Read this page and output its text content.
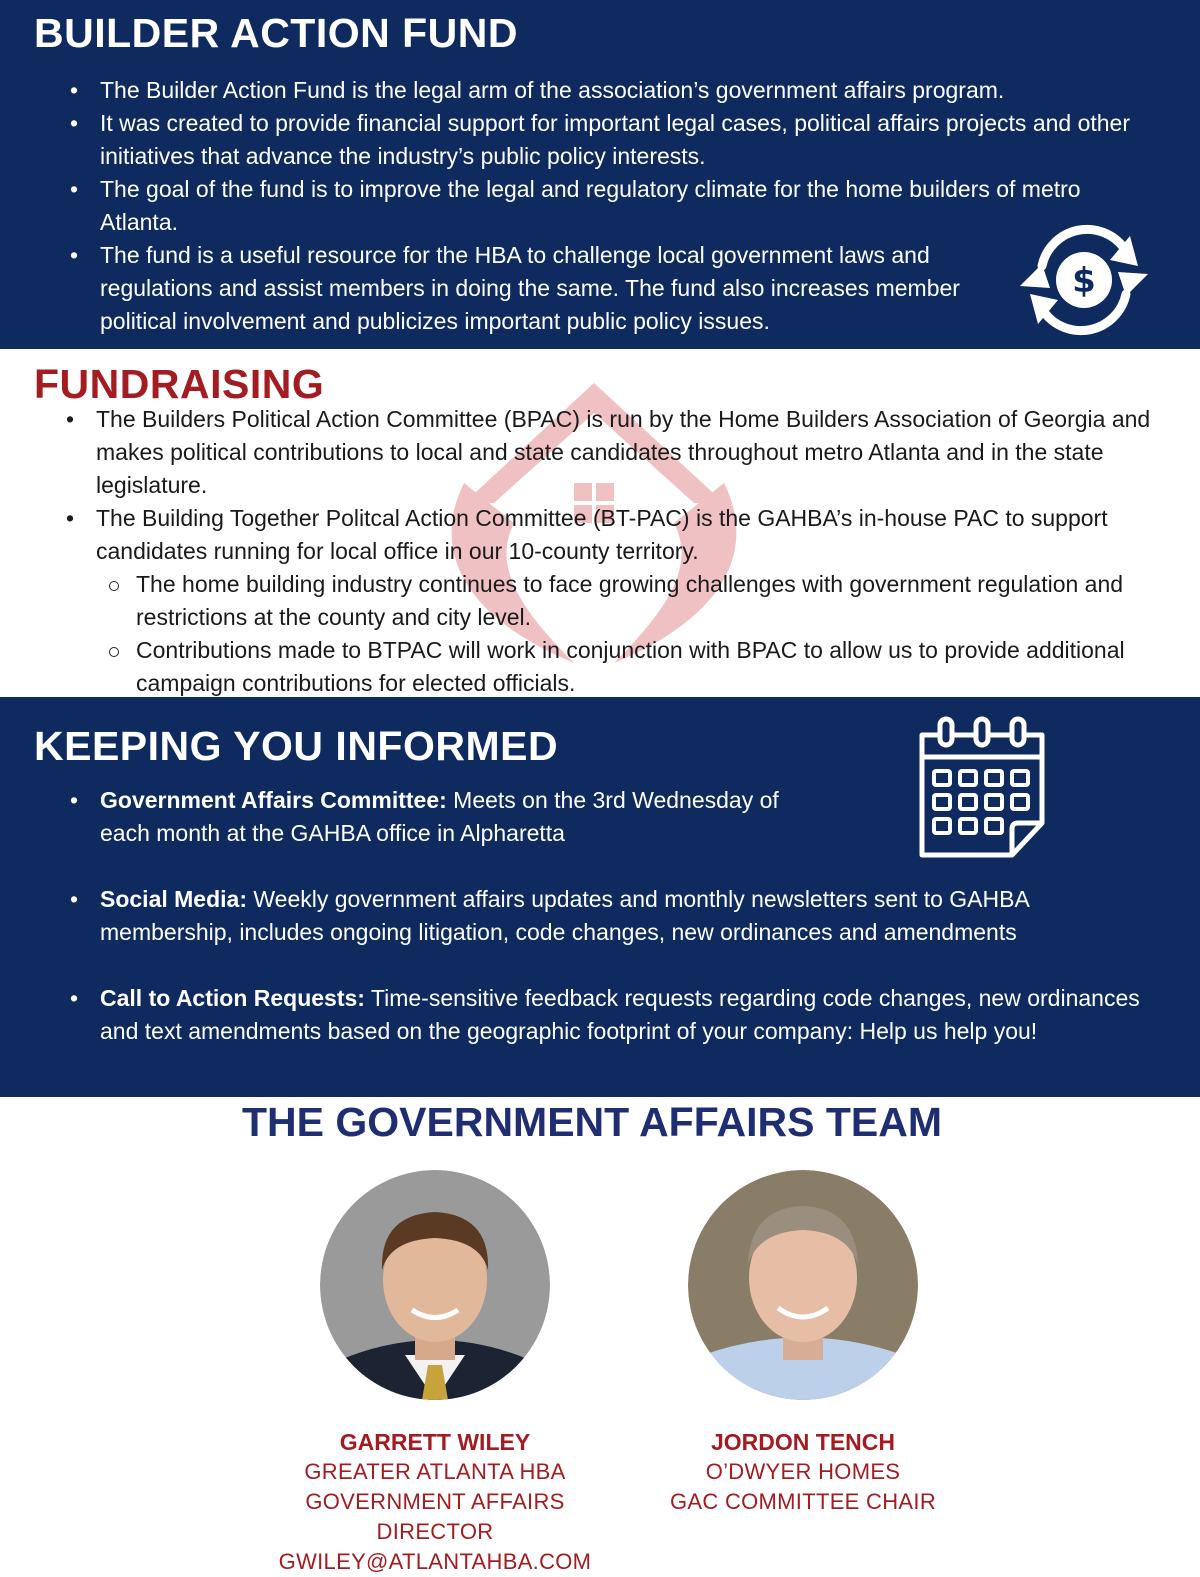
BUILDER ACTION FUND
• The Builder Action Fund is the legal arm of the association’s government affairs program.
• It was created to provide financial support for important legal cases, political affairs projects and other initiatives that advance the industry’s public policy interests.
• The goal of the fund is to improve the legal and regulatory climate for the home builders of metro Atlanta.
• The fund is a useful resource for the HBA to challenge local government laws and regulations and assist members in doing the same. The fund also increases member political involvement and publicizes important public policy issues.
$
FUNDRAISING
• The Builders Political Action Committee (BPAC) is run by the Home Builders Association of Georgia and makes political contributions to local and state candidates throughout metro Atlanta and in the state legislature.
• The Building Together Politcal Action Committee (BT-PAC) is the GAHBA’s in-house PAC to support candidates running for local office in our 10-county territory.
The home building industry continues to face growing challenges with government regulation and restrictions at the county and city level.
Contributions made to BTPAC will work in conjunction with BPAC to allow us to provide additional campaign contributions for elected officials.
KEEPING YOU INFORMED
• Government Affairs Committee: Meets on the 3rd Wednesday of each month at the GAHBA office in Alpharetta
• Social Media: Weekly government affairs updates and monthly newsletters sent to GAHBA membership, includes ongoing litigation, code changes, new ordinances and amendments
• Call to Action Requests: Time-sensitive feedback requests regarding code changes, new ordinances and text amendments based on the geographic footprint of your company: Help us help you!
THE GOVERNMENT AFFAIRS TEAM
GARRETT WILEY
GREATER ATLANTA HBA
GOVERNMENT AFFAIRS DIRECTOR
GWILEY@ATLANTAHBA.COM
JORDON TENCH
O’DWYER HOMES
GAC COMMITTEE CHAIR
